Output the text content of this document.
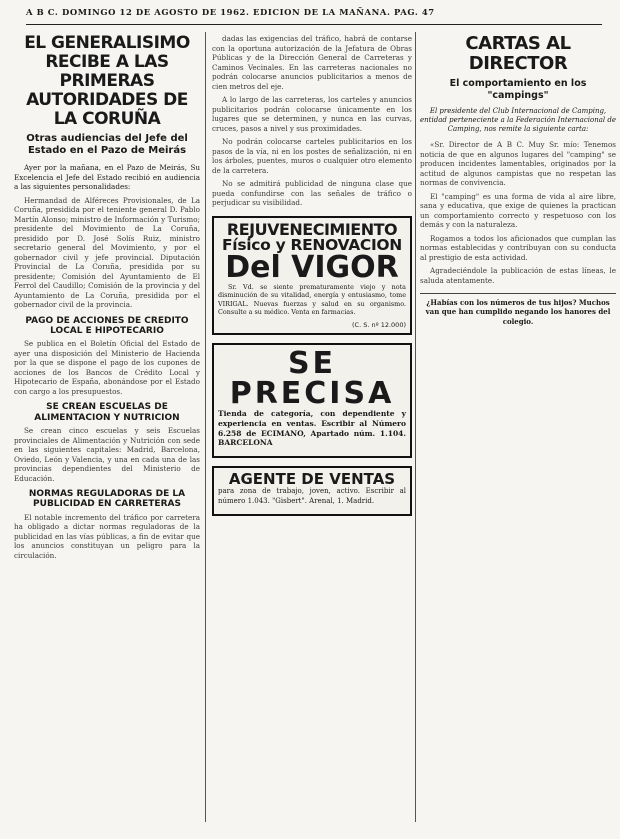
A B C. DOMINGO 12 DE AGOSTO DE 1962. EDICION DE LA MAÑANA. PAG. 47
EL GENERALISIMO RECIBE A LAS PRIMERAS AUTORIDADES DE LA CORUÑA
Otras audiencias del Jefe del Estado en el Pazo de Meirás

Ayer por la mañana, en el Pazo de Meirás, Su Excelencia el Jefe del Estado recibió en audiencia a las siguientes personalidades:

Hermandad de Alféreces Provisionales, de La Coruña, presidida por el teniente general D. Pablo Martín Alonso; ministro de Información y Turismo; presidente del Movimiento de La Coruña, presidido por D. José Solís Ruiz, ministro secretario general del Movimiento, y por el gobernador civil y jefe provincial. Diputación Provincial de La Coruña, presidida por su presidente; Comisión del Ayuntamiento de El Ferrol del Caudillo; Comisión de la provincia y del Ayuntamiento de La Coruña, presidida por el gobernador civil de la provincia.

PAGO DE ACCIONES DE CREDITO LOCAL E HIPOTECARIO

Se publica en el Boletín Oficial del Estado de ayer una disposición del Ministerio de Hacienda por la que se dispone el pago de los cupones de acciones de los Bancos de Crédito Local y Hipotecario de España, abonándose por el Estado con cargo a los presupuestos.

SE CREAN ESCUELAS DE ALIMENTACION Y NUTRICION

Se crean cinco escuelas y seis Escuelas provinciales de Alimentación y Nutrición con sede en las siguientes capitales: Madrid, Barcelona, Oviedo, León y Valencia, y una en cada una de las provincias dependientes del Ministerio de Educación.

NORMAS REGULADORAS DE LA PUBLICIDAD EN CARRETERAS

El notable incremento del tráfico por carretera ha obligado a dictar normas reguladoras de la publicidad en las vías públicas, a fin de evitar que los anuncios constituyan un peligro para la circulación.

dadas las exigencias del tráfico, habrá de contarse con la oportuna autorización de la Jefatura de Obras Públicas y de la Dirección General de Carreteras y Caminos Vecinales. En las carreteras nacionales no podrán colocarse anuncios publicitarios a menos de cien metros del eje.

A lo largo de las carreteras, los carteles y anuncios publicitarios podrán colocarse únicamente en los lugares que se determinen, y nunca en las curvas, cruces, pasos a nivel y sus proximidades.

No podrán colocarse carteles publicitarios en los pasos de la vía, ni en los postes de señalización, ni en los árboles, puentes, muros o cualquier otro elemento de la carretera.

No se admitirá publicidad de ninguna clase que pueda confundirse con las señales de tráfico o perjudicar su visibilidad.

REJUVENECIMIENTO
Físico y RENOVACION
Del VIGOR

Sr. Vd. se siente prematuramente viejo y nota disminución de su vitalidad, energía y entusiasmo, tome VIRIGAL. Nuevas fuerzas y salud en su organismo. Consulte a su médico. Venta en farmacias.

(C. S. nº 12.000)
SE PRECISA

Tienda de categoría, con dependiente y experiencia en ventas. Escribir al Número 6.258 de ECIMANO, Apartado núm. 1.104. BARCELONA

AGENTE DE VENTAS

para zona de trabajo, joven, activo. Escribir al número 1.043. "Gisbert". Arenal, 1. Madrid.

CARTAS AL DIRECTOR
El comportamiento en los "campings"
El presidente del Club Internacional de Camping, entidad perteneciente a la Federación Internacional de Camping, nos remite la siguiente carta:

«Sr. Director de A B C. Muy Sr. mío: Tenemos noticia de que en algunos lugares del "camping" se producen incidentes lamentables, originados por la actitud de algunos campistas que no respetan las normas de convivencia.

El "camping" es una forma de vida al aire libre, sana y educativa, que exige de quienes la practican un comportamiento correcto y respetuoso con los demás y con la naturaleza.

Rogamos a todos los aficionados que cumplan las normas establecidas y contribuyan con su conducta al prestigio de esta actividad.

Agradeciéndole la publicación de estas líneas, le saluda atentamente.

¿Habías con los números de tus hijos? Muchos van que han cumplido negando los hanores del colegio.
